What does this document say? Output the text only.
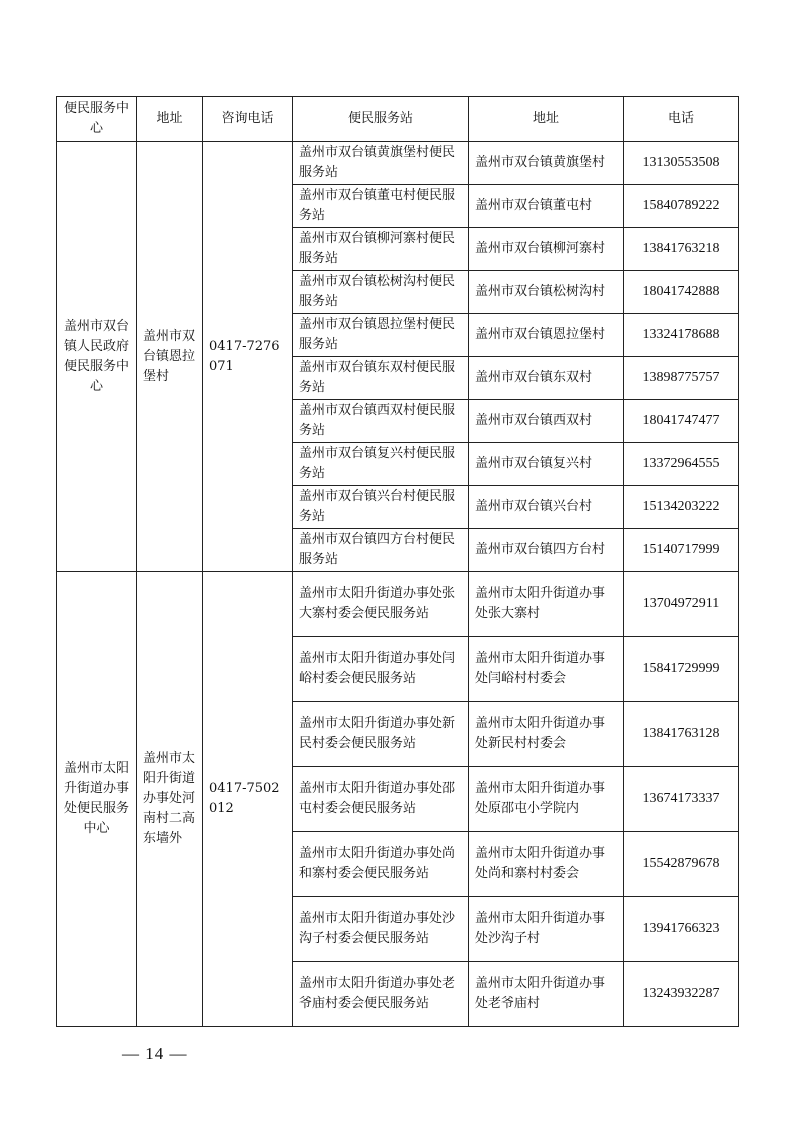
便民服务中心	地址	咨询电话	便民服务站	地址	电话
盖州市双台镇人民政府便民服务中心	盖州市双台镇恩拉堡村	0417-7276071	盖州市双台镇黄旗堡村便民服务站	盖州市双台镇黄旗堡村	13130553508
			盖州市双台镇董屯村便民服务站	盖州市双台镇董屯村	15840789222
			盖州市双台镇柳河寨村便民服务站	盖州市双台镇柳河寨村	13841763218
			盖州市双台镇松树沟村便民服务站	盖州市双台镇松树沟村	18041742888
			盖州市双台镇恩拉堡村便民服务站	盖州市双台镇恩拉堡村	13324178688
			盖州市双台镇东双村便民服务站	盖州市双台镇东双村	13898775757
			盖州市双台镇西双村便民服务站	盖州市双台镇西双村	18041747477
			盖州市双台镇复兴村便民服务站	盖州市双台镇复兴村	13372964555
			盖州市双台镇兴台村便民服务站	盖州市双台镇兴台村	15134203222
			盖州市双台镇四方台村便民服务站	盖州市双台镇四方台村	15140717999
盖州市太阳升街道办事处便民服务中心	盖州市太阳升街道办事处河南村二高东墙外	0417-7502012	盖州市太阳升街道办事处张大寨村委会便民服务站	盖州市太阳升街道办事处张大寨村	13704972911
			盖州市太阳升街道办事处闫峪村委会便民服务站	盖州市太阳升街道办事处闫峪村村委会	15841729999
			盖州市太阳升街道办事处新民村委会便民服务站	盖州市太阳升街道办事处新民村村委会	13841763128
			盖州市太阳升街道办事处邵屯村委会便民服务站	盖州市太阳升街道办事处原邵屯小学院内	13674173337
			盖州市太阳升街道办事处尚和寨村委会便民服务站	盖州市太阳升街道办事处尚和寨村村委会	15542879678
			盖州市太阳升街道办事处沙沟子村委会便民服务站	盖州市太阳升街道办事处沙沟子村	13941766323
			盖州市太阳升街道办事处老爷庙村委会便民服务站	盖州市太阳升街道办事处老爷庙村	13243932287
— 14 —
